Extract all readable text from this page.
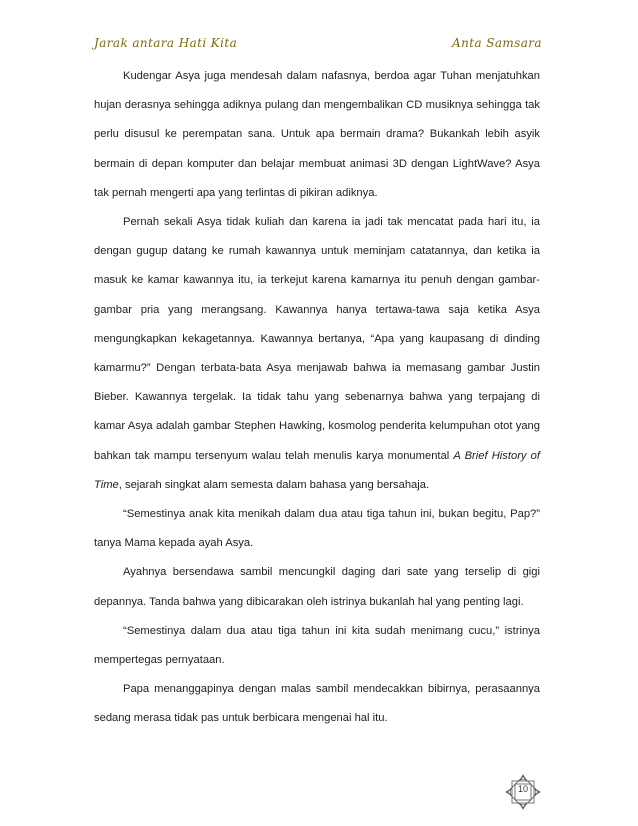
Jarak antara Hati Kita	Anta Samsara

Kudengar Asya juga mendesah dalam nafasnya, berdoa agar Tuhan menjatuhkan hujan derasnya sehingga adiknya pulang dan mengembalikan CD musiknya sehingga tak perlu disusul ke perempatan sana. Untuk apa bermain drama? Bukankah lebih asyik bermain di depan komputer dan belajar membuat animasi 3D dengan LightWave? Asya tak pernah mengerti apa yang terlintas di pikiran adiknya.

Pernah sekali Asya tidak kuliah dan karena ia jadi tak mencatat pada hari itu, ia dengan gugup datang ke rumah kawannya untuk meminjam catatannya, dan ketika ia masuk ke kamar kawannya itu, ia terkejut karena kamarnya itu penuh dengan gambar-gambar pria yang merangsang. Kawannya hanya tertawa-tawa saja ketika Asya mengungkapkan kekagetannya. Kawannya bertanya, “Apa yang kaupasang di dinding kamarmu?” Dengan terbata-bata Asya menjawab bahwa ia memasang gambar Justin Bieber. Kawannya tergelak. Ia tidak tahu yang sebenarnya bahwa yang terpajang di kamar Asya adalah gambar Stephen Hawking, kosmolog penderita kelumpuhan otot yang bahkan tak mampu tersenyum walau telah menulis karya monumental A Brief History of Time, sejarah singkat alam semesta dalam bahasa yang bersahaja.

“Semestinya anak kita menikah dalam dua atau tiga tahun ini, bukan begitu, Pap?” tanya Mama kepada ayah Asya.

Ayahnya bersendawa sambil mencungkil daging dari sate yang terselip di gigi depannya. Tanda bahwa yang dibicarakan oleh istrinya bukanlah hal yang penting lagi.

“Semestinya dalam dua atau tiga tahun ini kita sudah menimang cucu,” istrinya mempertegas pernyataan.

Papa menanggapinya dengan malas sambil mendecakkan bibirnya, perasaannya sedang merasa tidak pas untuk berbicara mengenai hal itu.

10
